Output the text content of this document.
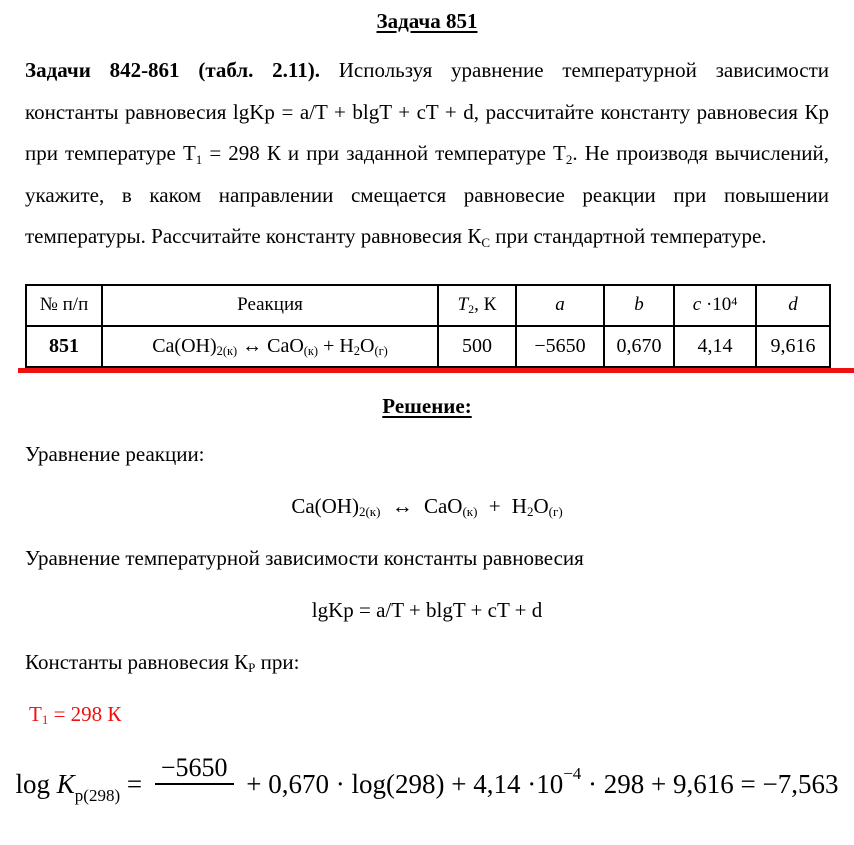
Задача 851

Задачи 842-861 (табл. 2.11). Используя уравнение температурной зависимости константы равновесия lgKp = a/T + blgT + cT + d, рассчитайте константу равновесия Кр при температуре $Т_1 = 298$ К и при заданной температуре $Т_2$. Не производя вычислений, укажите, в каком направлении смещается равновесие реакции при повышении температуры. Рассчитайте константу равновесия $К_С$ при стандартной температуре.

№ п/п	Реакция	$T_2$, К	a	b	$c \cdot 10^4$	d
851	$Ca(OH)_{2(к)}$ ↔ $CaO_{(к)} + H_2O_{(г)}$	500	−5650	0,670	4,14	9,616
Решение:
Уравнение реакции:
$Ca(OH)_{2(к)}$ ↔ $CaO_{(к)} + H_2O_{(г)}$
Уравнение температурной зависимости константы равновесия
lgKp = a/T + blgT + cT + d
Константы равновесия $К_Р$ при:
$Т_1 = 298$ К
$\log K_{p(298)}$ =
−5650
+ $0,670 \cdot \log(298) + 4,14 \cdot 10^{-4} \cdot 298 + 9,616 = -7,563$
